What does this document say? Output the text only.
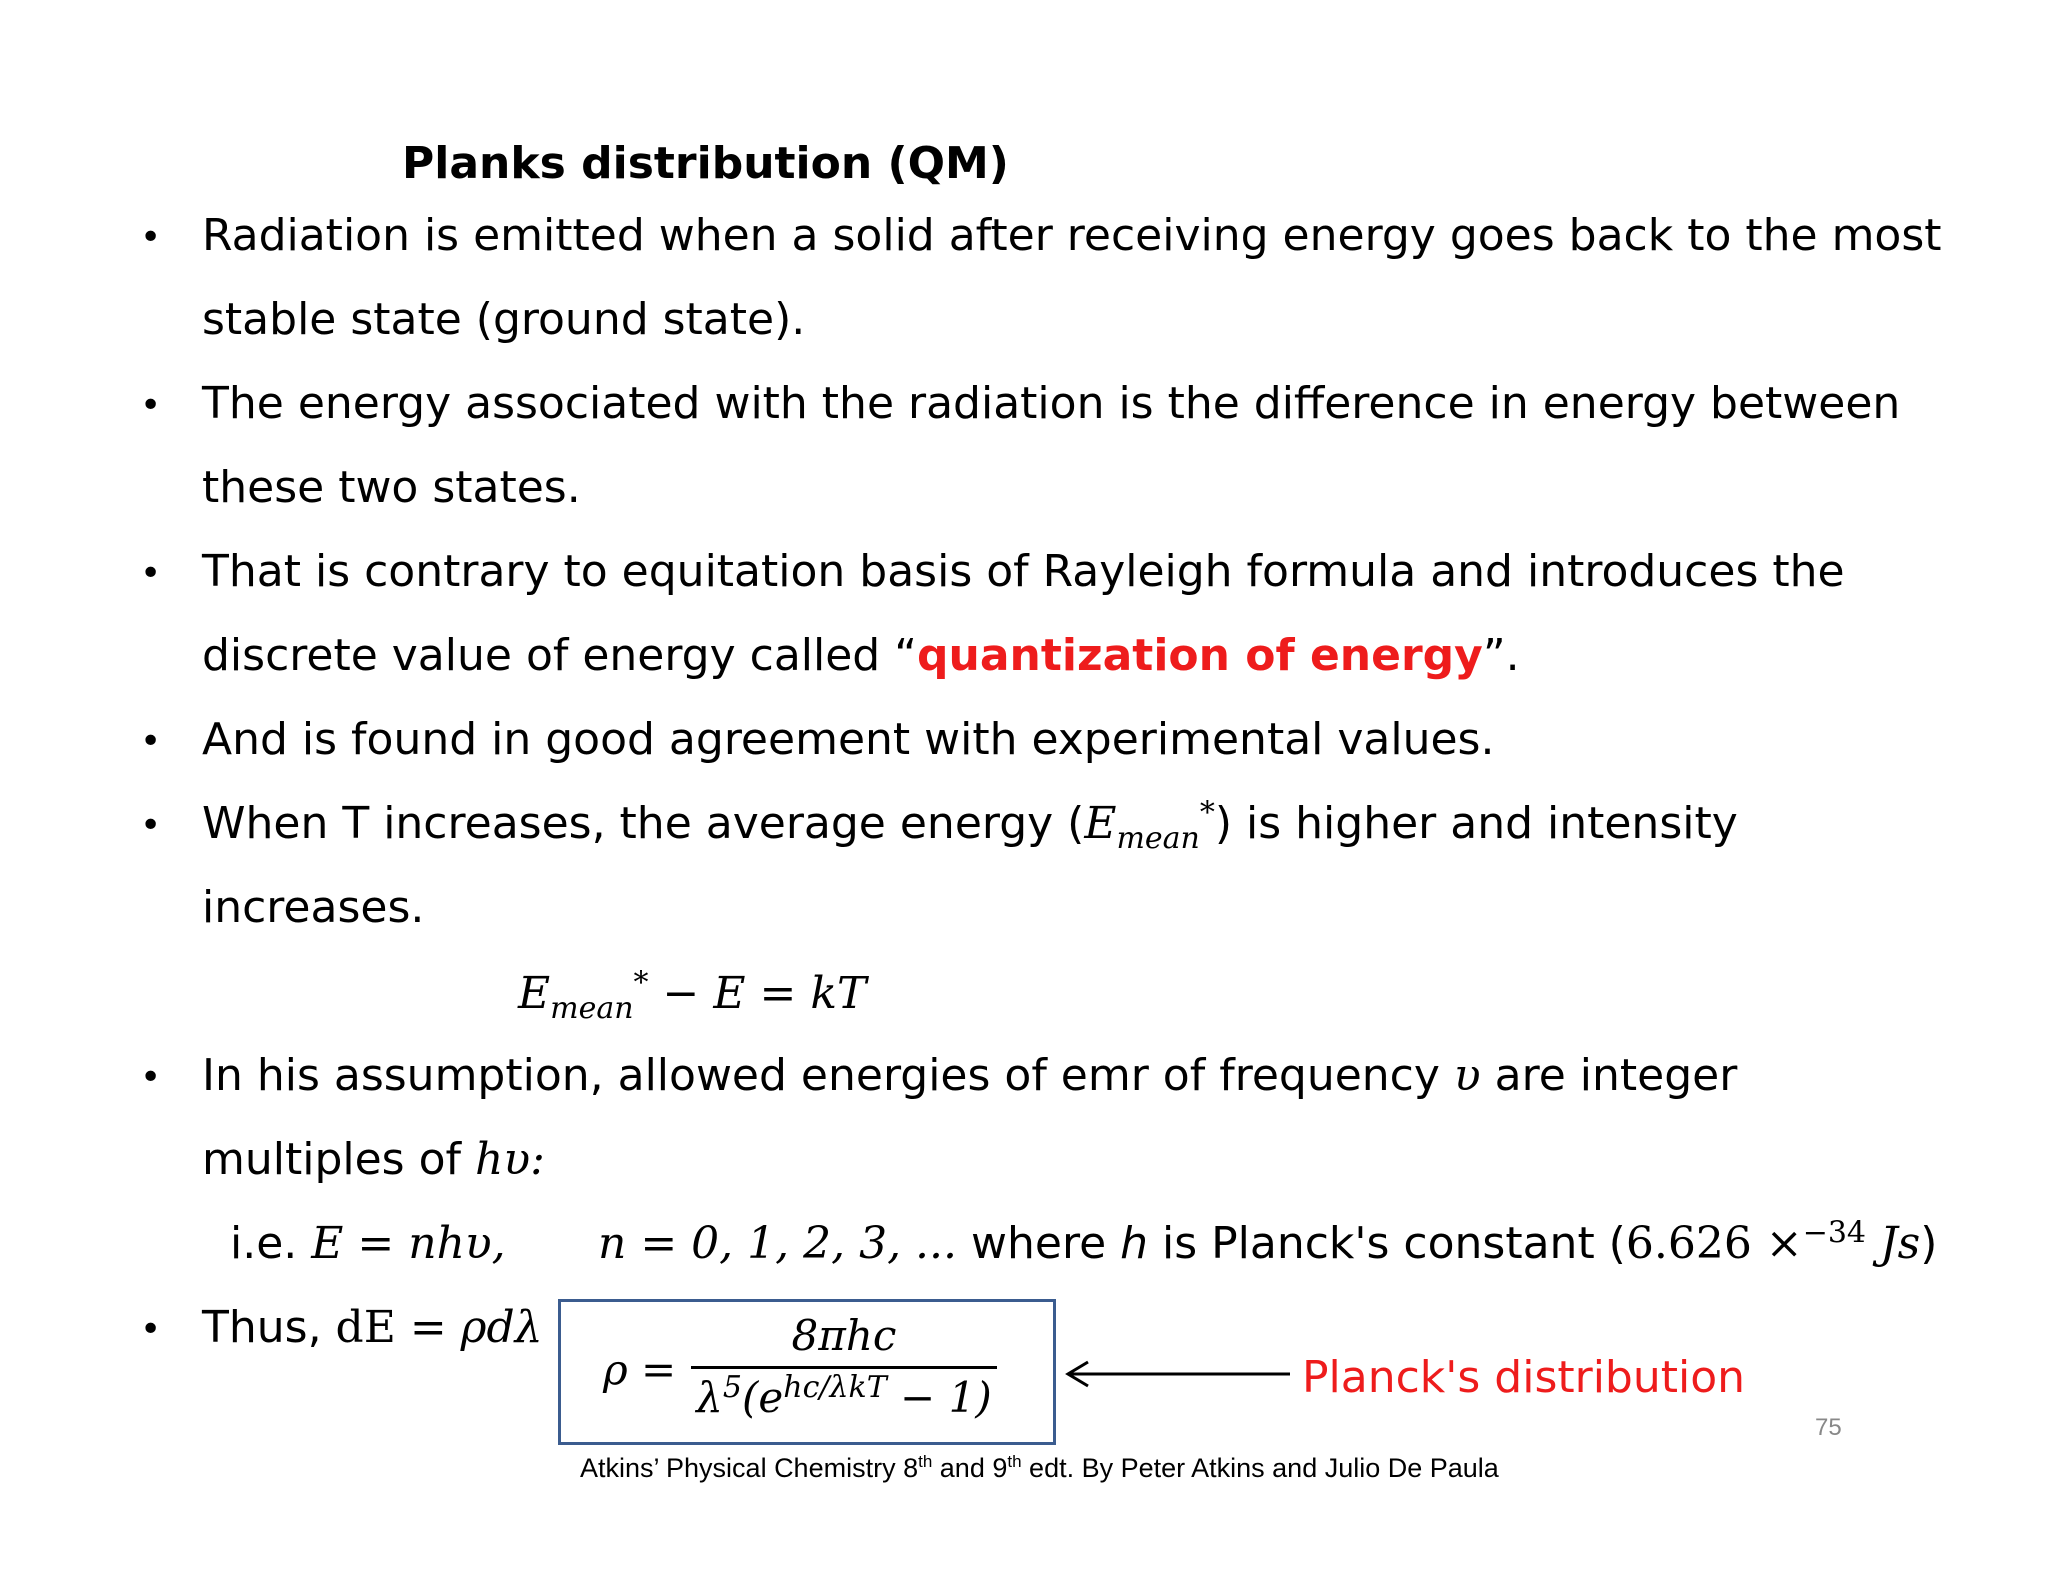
Planks distribution (QM)
• Radiation is emitted when a solid after receiving energy goes back to the most
stable state (ground state).
• The energy associated with the radiation is the difference in energy between
these two states.
• That is contrary to equitation basis of Rayleigh formula and introduces the
discrete value of energy called “quantization of energy”.
• And is found in good agreement with experimental values.
• When T increases, the average energy $(E_{mean}^*)$ is higher and intensity
increases.
$E_{mean}^* - E$ = kT
• In his assumption, allowed energies of emr of frequency υ are integer
multiples of hυ:
i.e. E = nhυ, n = 0, 1, 2, 3, ... where h is Planck's constant (6.626 ×$^{-34}$ Js)
• Thus, dE = ρdλ
ρ =
8πhc
$\lambda^5(e^{hc/\lambda kT} - 1)$	Planck's distribution
75
Atkins’ Physical Chemistry 8th and 9th edt. By Peter Atkins and Julio De Paula
